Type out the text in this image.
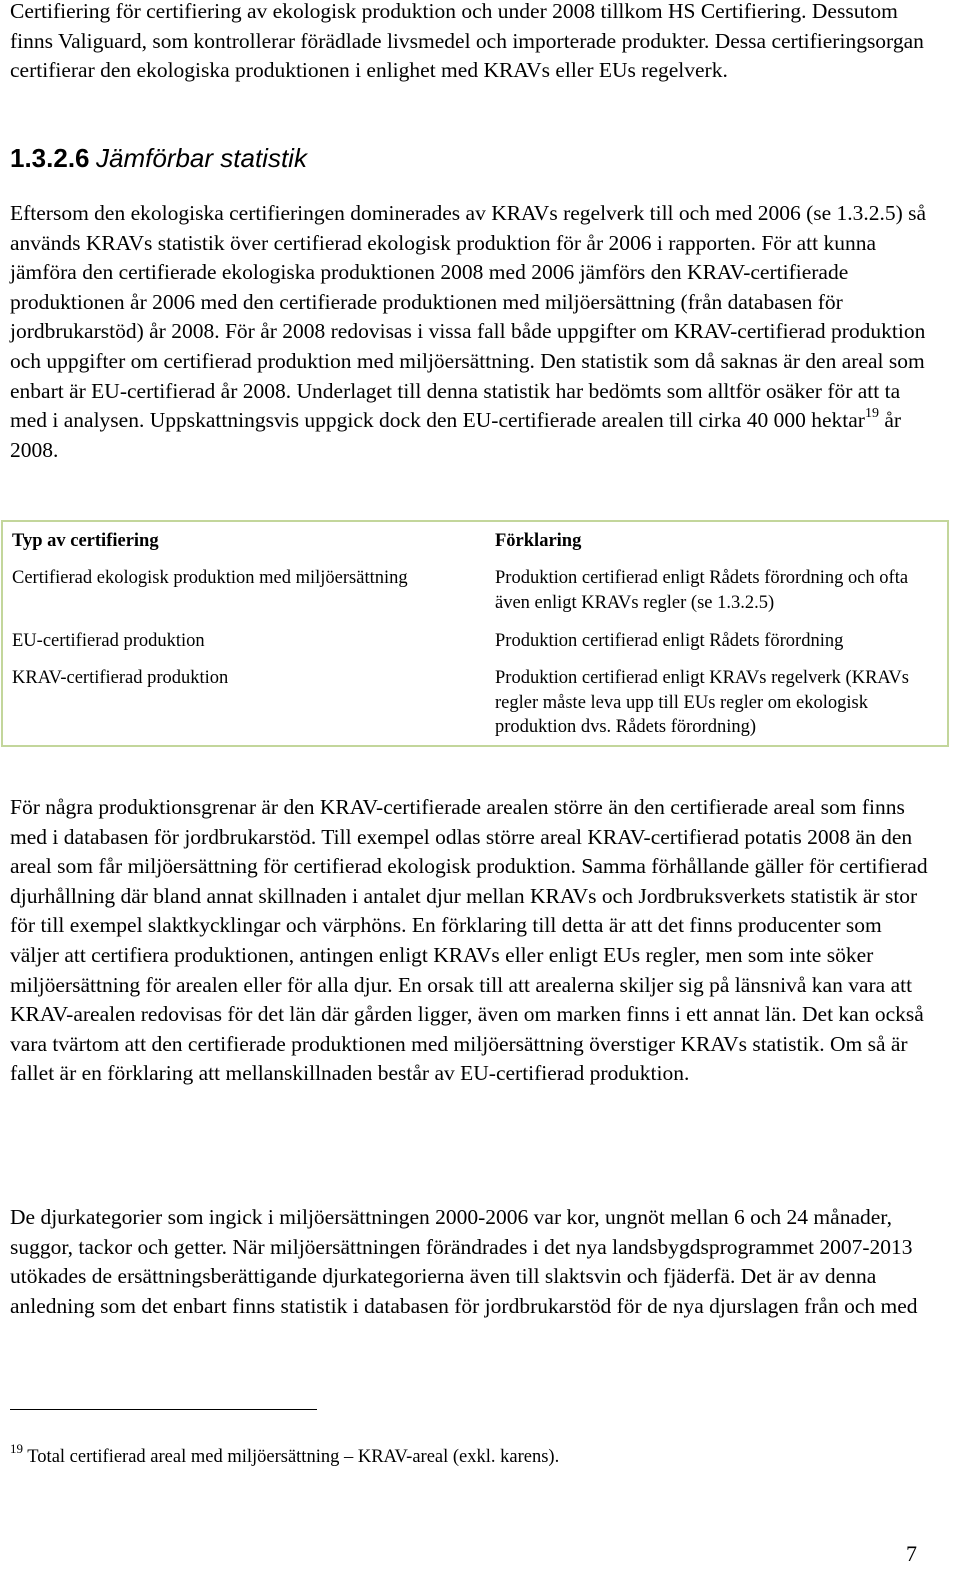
Certifiering för certifiering av ekologisk produktion och under 2008 tillkom HS Certifiering. Dessutom finns Valiguard, som kontrollerar förädlade livsmedel och importerade produkter. Dessa certifieringsorgan certifierar den ekologiska produktionen i enlighet med KRAVs eller EUs regelverk.

1.3.2.6 Jämförbar statistik

Eftersom den ekologiska certifieringen dominerades av KRAVs regelverk till och med 2006 (se 1.3.2.5) så används KRAVs statistik över certifierad ekologisk produktion för år 2006 i rapporten. För att kunna jämföra den certifierade ekologiska produktionen 2008 med 2006 jämförs den KRAV-certifierade produktionen år 2006 med den certifierade produktionen med miljöersättning (från databasen för jordbrukarstöd) år 2008. För år 2008 redovisas i vissa fall både uppgifter om KRAV-certifierad produktion och uppgifter om certifierad produktion med miljöersättning. Den statistik som då saknas är den areal som enbart är EU-certifierad år 2008. Underlaget till denna statistik har bedömts som alltför osäker för att ta med i analysen. Uppskattningsvis uppgick dock den EU-certifierade arealen till cirka 40 000 hektar$^{19}$ år 2008.

Typ av certifiering	Förklaring
Certifierad ekologisk produktion med miljöersättning	Produktion certifierad enligt Rådets förordning och ofta även enligt KRAVs regler (se 1.3.2.5)
EU-certifierad produktion	Produktion certifierad enligt Rådets förordning
KRAV-certifierad produktion	Produktion certifierad enligt KRAVs regelverk (KRAVs regler måste leva upp till EUs regler om ekologisk produktion dvs. Rådets förordning)

För några produktionsgrenar är den KRAV-certifierade arealen större än den certifierade areal som finns med i databasen för jordbrukarstöd. Till exempel odlas större areal KRAV-certifierad potatis 2008 än den areal som får miljöersättning för certifierad ekologisk produktion. Samma förhållande gäller för certifierad djurhållning där bland annat skillnaden i antalet djur mellan KRAVs och Jordbruksverkets statistik är stor för till exempel slaktkycklingar och värphöns. En förklaring till detta är att det finns producenter som väljer att certifiera produktionen, antingen enligt KRAVs eller enligt EUs regler, men som inte söker miljöersättning för arealen eller för alla djur. En orsak till att arealerna skiljer sig på länsnivå kan vara att KRAV-arealen redovisas för det län där gården ligger, även om marken finns i ett annat län. Det kan också vara tvärtom att den certifierade produktionen med miljöersättning överstiger KRAVs statistik. Om så är fallet är en förklaring att mellanskillnaden består av EU-certifierad produktion.

De djurkategorier som ingick i miljöersättningen 2000-2006 var kor, ungnöt mellan 6 och 24 månader, suggor, tackor och getter. När miljöersättningen förändrades i det nya landsbygdsprogrammet 2007-2013 utökades de ersättningsberättigande djurkategorierna även till slaktsvin och fjäderfä. Det är av denna anledning som det enbart finns statistik i databasen för jordbrukarstöd för de nya djurslagen från och med

$^{19}$ Total certifierad areal med miljöersättning – KRAV-areal (exkl. karens).
7
